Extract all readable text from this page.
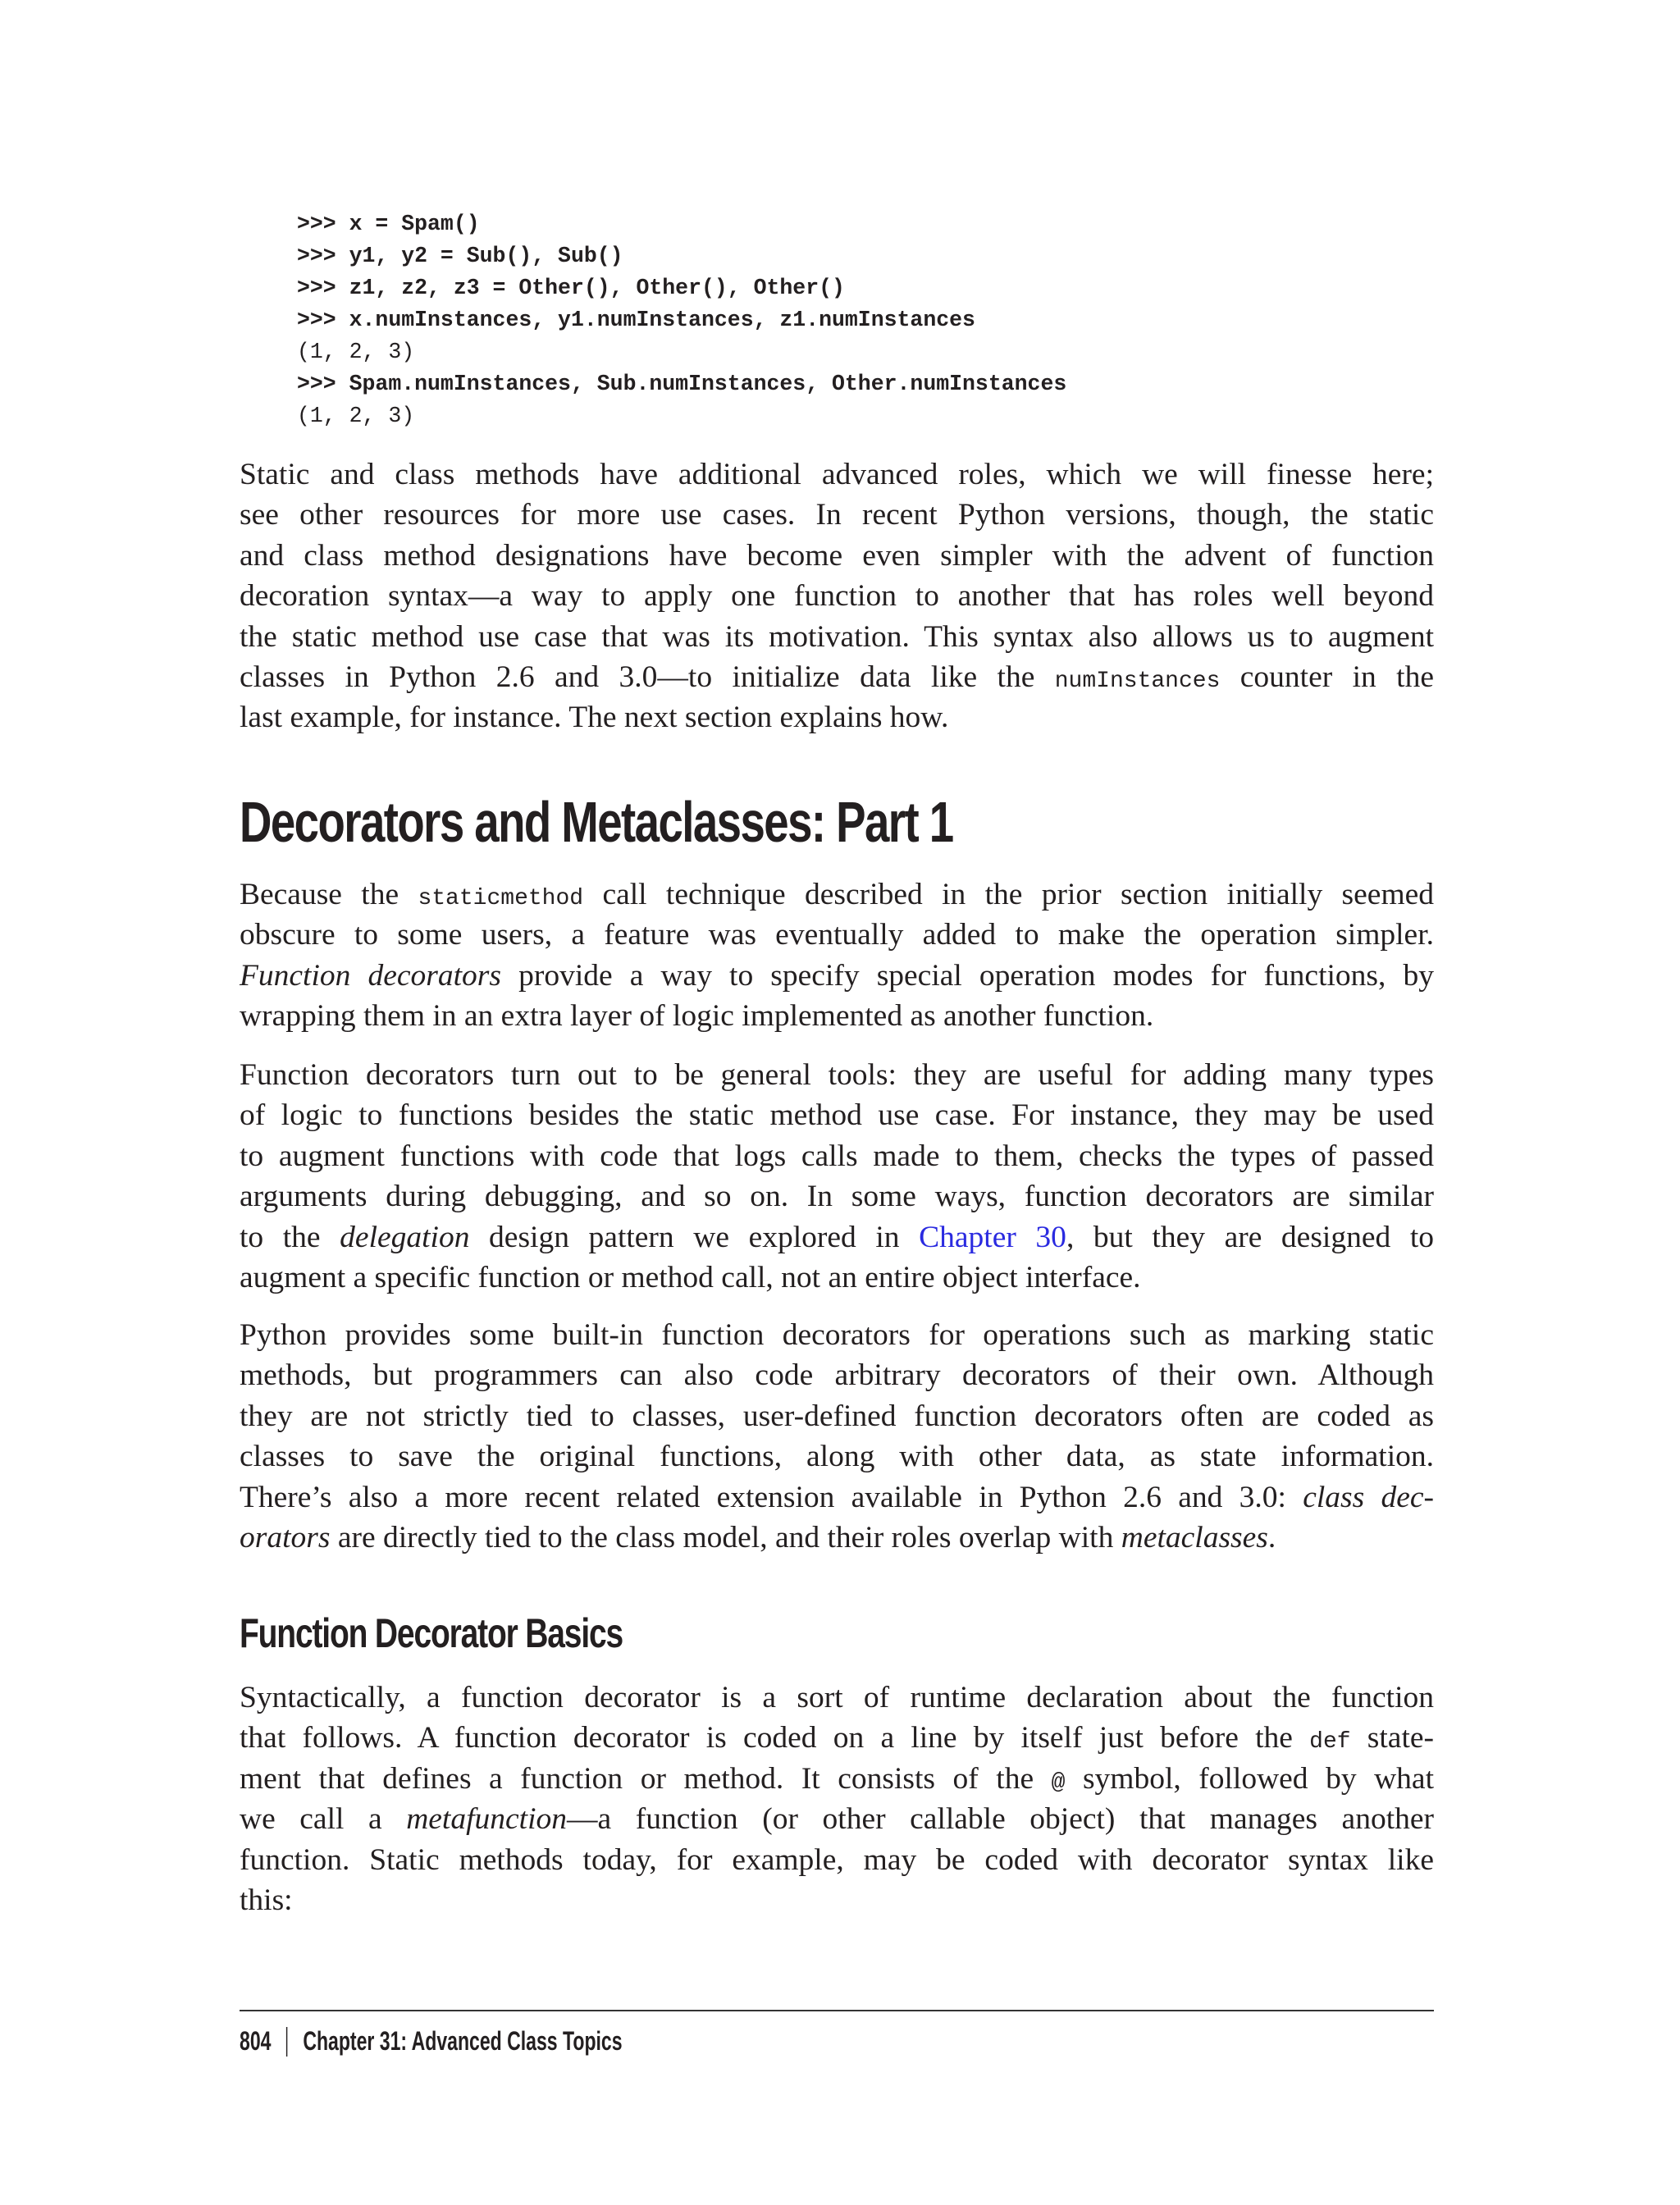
>>> x = Spam()
>>> y1, y2 = Sub(), Sub()
>>> z1, z2, z3 = Other(), Other(), Other()
>>> x.numInstances, y1.numInstances, z1.numInstances
(1, 2, 3)
>>> Spam.numInstances, Sub.numInstances, Other.numInstances
(1, 2, 3)
Static and class methods have additional advanced roles, which we will finesse here;
see other resources for more use cases. In recent Python versions, though, the static
and class method designations have become even simpler with the advent of function
decoration syntax—a way to apply one function to another that has roles well beyond
the static method use case that was its motivation. This syntax also allows us to augment
classes in Python 2.6 and 3.0—to initialize data like the numInstances counter in the
last example, for instance. The next section explains how.
Decorators and Metaclasses: Part 1
Because the staticmethod call technique described in the prior section initially seemed
obscure to some users, a feature was eventually added to make the operation simpler.
Function decorators provide a way to specify special operation modes for functions, by
wrapping them in an extra layer of logic implemented as another function.
Function decorators turn out to be general tools: they are useful for adding many types
of logic to functions besides the static method use case. For instance, they may be used
to augment functions with code that logs calls made to them, checks the types of passed
arguments during debugging, and so on. In some ways, function decorators are similar
to the delegation design pattern we explored in Chapter 30, but they are designed to
augment a specific function or method call, not an entire object interface.
Python provides some built-in function decorators for operations such as marking static
methods, but programmers can also code arbitrary decorators of their own. Although
they are not strictly tied to classes, user-defined function decorators often are coded as
classes to save the original functions, along with other data, as state information.
There’s also a more recent related extension available in Python 2.6 and 3.0: class dec-
orators are directly tied to the class model, and their roles overlap with metaclasses.
Function Decorator Basics
Syntactically, a function decorator is a sort of runtime declaration about the function
that follows. A function decorator is coded on a line by itself just before the def state-
ment that defines a function or method. It consists of the @ symbol, followed by what
we call a metafunction—a function (or other callable object) that manages another
function. Static methods today, for example, may be coded with decorator syntax like
this:
804 Chapter 31: Advanced Class Topics
